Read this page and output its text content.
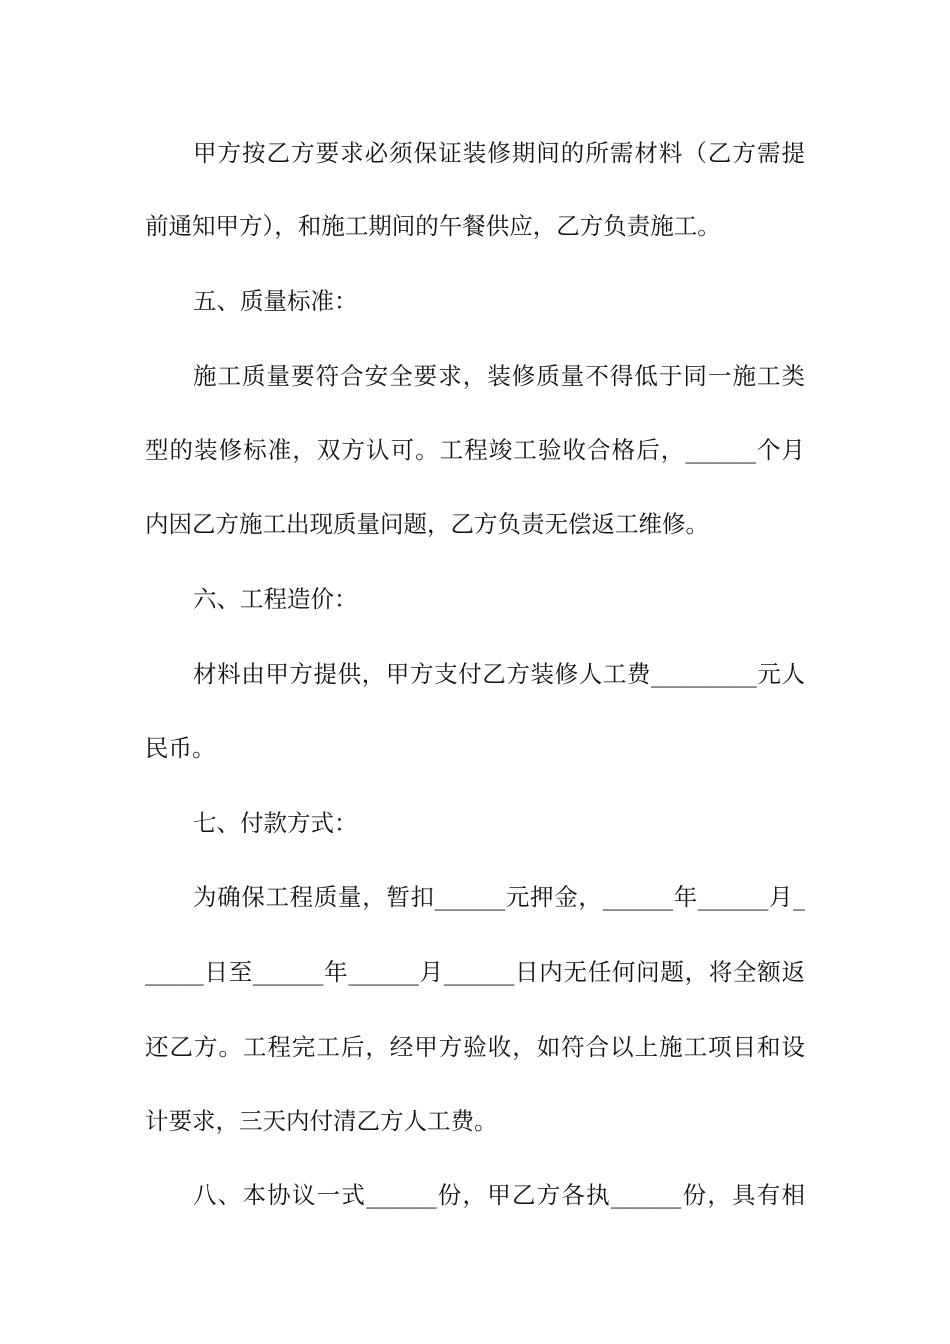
甲方按乙方要求必须保证装修期间的所需材料（乙方需提
前通知甲方），和施工期间的午餐供应，乙方负责施工。
五、质量标准：
施工质量要符合安全要求，装修质量不得低于同一施工类
型的装修标准，双方认可。工程竣工验收合格后，______个月
内因乙方施工出现质量问题，乙方负责无偿返工维修。
六、工程造价：
材料由甲方提供，甲方支付乙方装修人工费_________元人
民币。
七、付款方式：
为确保工程质量，暂扣______元押金，______年______月_
_____日至______年______月______日内无任何问题，将全额返
还乙方。工程完工后，经甲方验收，如符合以上施工项目和设
计要求，三天内付清乙方人工费。
八、本协议一式______份，甲乙方各执______份，具有相
